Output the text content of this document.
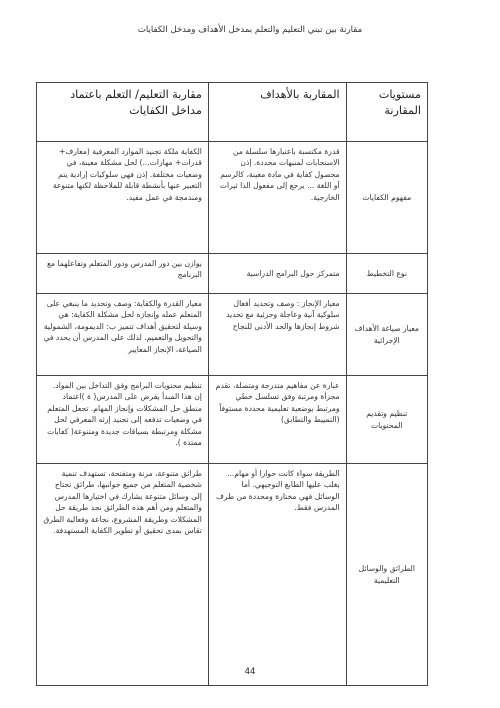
مقارنة بين تبني التعليم والتعلم بمدخل الأهداف ومدخل الكفايات
مستويات المقارنة	المقاربة بالأهداف	مقاربة التعليم/ التعلم باعتماد مداخل الكفايات
مفهوم الكفايات	قدرة مكتسبة باعتبارها سلسلة من الاستجابات لمنبهات محددة. إذن محصول كفاية في مادة معينة، كالرسم أو اللغة ... يرجع إلى مفعول الذا ثيرات الخارجية.	الكفاية ملكة تجنيد الموارد المعرفية (معارف+ قدرات+ مهارات...) لحل مشكلة معينة، في وضعيات مختلفة. إذن فهي سلوكيات إرادية يتم التعبير عنها بأنشطة قابلة للملاحظة لكنها متنوعة ومندمجة في عمل مفيد.
نوع التخطيط	متمركز حول البرامج الدراسية	يوازن بين دور المدرس ودور المتعلم وتفاعلهما مع البرنامج
معيار صياغة الأهداف الإجرائية	معيار الإنجاز : وصف وتحديد أفعال سلوكية آنية وعاجلة وجزئية مع تحديد شروط إنجازها والحد الأدنى للنجاح	معيار القدرة والكفاية: وصف وتحديد ما ينبغي على المتعلم عمله وإنجازه لحل مشكلة الكفاية: هي وسيلة لتحقيق أهداف تتميز ب: الديمومة، الشمولية والتحويل والتعميم. لذلك على المدرس أن يحدد في الصياغة، الإنجاز المعايير
تنظيم وتقديم المحتويات	عبارة عن مفاهيم متدرجة ومتصلة، تقدم مجزأة ومرتبة وفق تسلسل خطي ومرتبط بوضعية تعليمية محددة مستوفاً (التمييط والتطابق)	تنظيم محتويات البرامج وفق التداخل بين المواد. إن هذا المبدأ يفرض على المدرس( ة )اعتماد منطق حل المشكلات وإنجاز المهام. تجعل المتعلم في وضعيات تدفعه إلى تجنيد إرثه المعرفي لحل مشكلة ومرتبطة بسياقات جديدة ومتنوعة( كفايات ممتدة ).
الطرائق والوسائل التعليمية	الطريقة سواء كانت حوارا أو مهام... يغلب عليها الطابع التوجيهي. أما الوسائل فهي مختارة ومحددة من طرف المدرس فقط.	طرائق متنوعة، مرنة ومتفتحة، تستهدف تنمية شخصية المتعلم من جميع جوانبها، طرائق تحتاج إلى وسائل متنوعة يشارك في اختيارها المدرس والمتعلم ومن أهم هذه الطرائق نجد طريقة حل المشكلات وطريقة المشروع، نجاعة وفعالية الطرق تقاس بمدى تحقيق أو تطوير الكفاية المستهدفة.
44
